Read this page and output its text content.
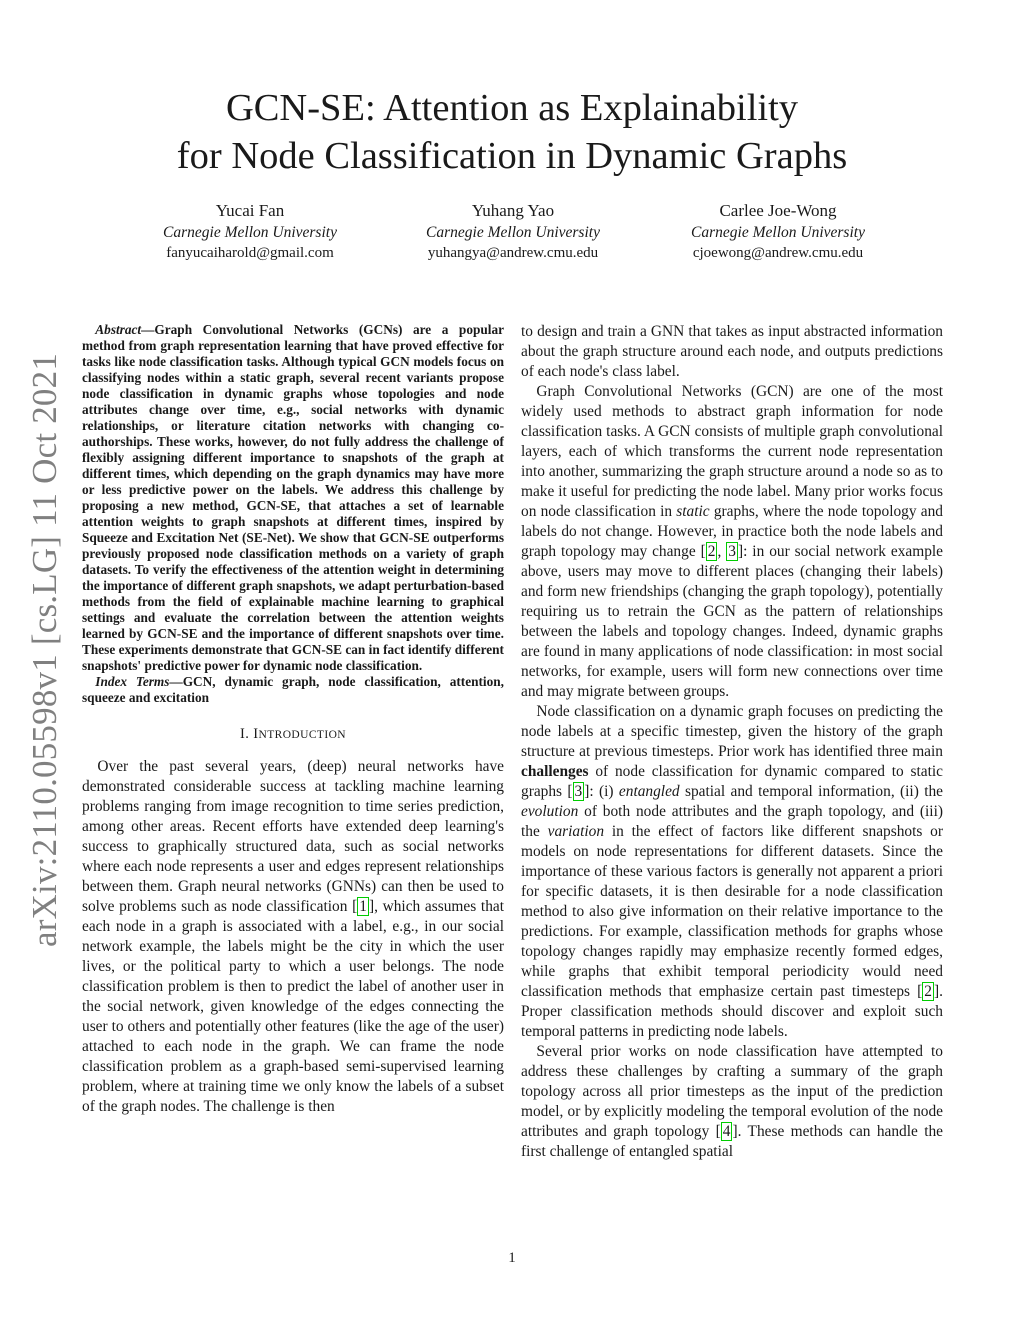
arXiv:2110.05598v1 [cs.LG] 11 Oct 2021
GCN-SE: Attention as Explainability
for Node Classification in Dynamic Graphs
Yucai Fan
Carnegie Mellon University
fanyucaiharold@gmail.com
Yuhang Yao
Carnegie Mellon University
yuhangya@andrew.cmu.edu
Carlee Joe-Wong
Carnegie Mellon University
cjoewong@andrew.cmu.edu

Abstract—Graph Convolutional Networks (GCNs) are a popular method from graph representation learning that have proved effective for tasks like node classification tasks. Although typical GCN models focus on classifying nodes within a static graph, several recent variants propose node classification in dynamic graphs whose topologies and node attributes change over time, e.g., social networks with dynamic relationships, or literature citation networks with changing co-authorships. These works, however, do not fully address the challenge of flexibly assigning different importance to snapshots of the graph at different times, which depending on the graph dynamics may have more or less predictive power on the labels. We address this challenge by proposing a new method, GCN-SE, that attaches a set of learnable attention weights to graph snapshots at different times, inspired by Squeeze and Excitation Net (SE-Net). We show that GCN-SE outperforms previously proposed node classification methods on a variety of graph datasets. To verify the effectiveness of the attention weight in determining the importance of different graph snapshots, we adapt perturbation-based methods from the field of explainable machine learning to graphical settings and evaluate the correlation between the attention weights learned by GCN-SE and the importance of different snapshots over time. These experiments demonstrate that GCN-SE can in fact identify different snapshots' predictive power for dynamic node classification.

Index Terms—GCN, dynamic graph, node classification, attention, squeeze and excitation

I. INTRODUCTION

Over the past several years, (deep) neural networks have demonstrated considerable success at tackling machine learning problems ranging from image recognition to time series prediction, among other areas. Recent efforts have extended deep learning's success to graphically structured data, such as social networks where each node represents a user and edges represent relationships between them. Graph neural networks (GNNs) can then be used to solve problems such as node classification [ 1 ], which assumes that each node in a graph is associated with a label, e.g., in our social network example, the labels might be the city in which the user lives, or the political party to which a user belongs. The node classification problem is then to predict the label of another user in the social network, given knowledge of the edges connecting the user to others and potentially other features (like the age of the user) attached to each node in the graph. We can frame the node classification problem as a graph-based semi-supervised learning problem, where at training time we only know the labels of a subset of the graph nodes. The challenge is then

to design and train a GNN that takes as input abstracted information about the graph structure around each node, and outputs predictions of each node's class label.

Graph Convolutional Networks (GCN) are one of the most widely used methods to abstract graph information for node classification tasks. A GCN consists of multiple graph convolutional layers, each of which transforms the current node representation into another, summarizing the graph structure around a node so as to make it useful for predicting the node label. Many prior works focus on node classification in static graphs, where the node topology and labels do not change. However, in practice both the node labels and graph topology may change [ 2 , 3 ]: in our social network example above, users may move to different places (changing their labels) and form new friendships (changing the graph topology), potentially requiring us to retrain the GCN as the pattern of relationships between the labels and topology changes. Indeed, dynamic graphs are found in many applications of node classification: in most social networks, for example, users will form new connections over time and may migrate between groups.

Node classification on a dynamic graph focuses on predicting the node labels at a specific timestep, given the history of the graph structure at previous timesteps. Prior work has identified three main challenges of node classification for dynamic compared to static graphs [ 3 ]: (i) entangled spatial and temporal information, (ii) the evolution of both node attributes and the graph topology, and (iii) the variation in the effect of factors like different snapshots or models on node representations for different datasets. Since the importance of these various factors is generally not apparent a priori for specific datasets, it is then desirable for a node classification method to also give information on their relative importance to the predictions. For example, classification methods for graphs whose topology changes rapidly may emphasize recently formed edges, while graphs that exhibit temporal periodicity would need classification methods that emphasize certain past timesteps [ 2 ]. Proper classification methods should discover and exploit such temporal patterns in predicting node labels.

Several prior works on node classification have attempted to address these challenges by crafting a summary of the graph topology across all prior timesteps as the input of the prediction model, or by explicitly modeling the temporal evolution of the node attributes and graph topology [ 4 ]. These methods can handle the first challenge of entangled spatial

1
